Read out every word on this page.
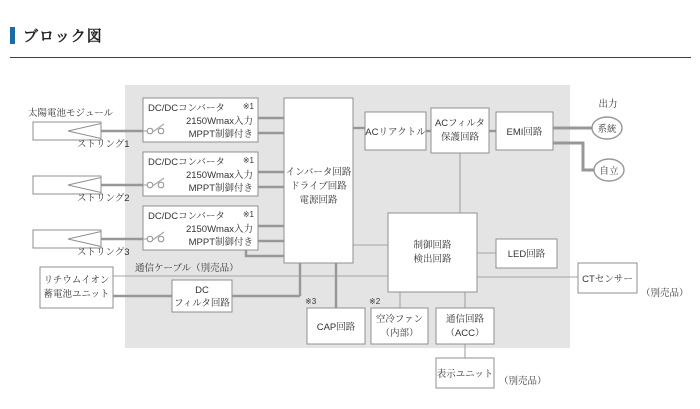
ブロック図
太陽電池モジュール
ストリング1
ストリング2
ストリング3
DC/DCコンバータ ※1
2150Wmax入力
MPPT制御付き
DC/DCコンバータ ※1
2150Wmax入力
MPPT制御付き
DC/DCコンバータ ※1
2150Wmax入力
MPPT制御付き
インバータ回路
ドライブ回路
電源回路
ACリアクトル
ACフィルタ
保護回路	EMI回路
制御回路
検出回路	LED回路
DC
フィルタ回路
CAP回路
※3
空冷ファン
（内部）
※2
通信回路
（ACC）
表示ユニット
（別売品）
CTセンサー
（別売品）
リチウムイオン
蓄電池ユニット
通信ケーブル（別売品）
出力
系統
自立
